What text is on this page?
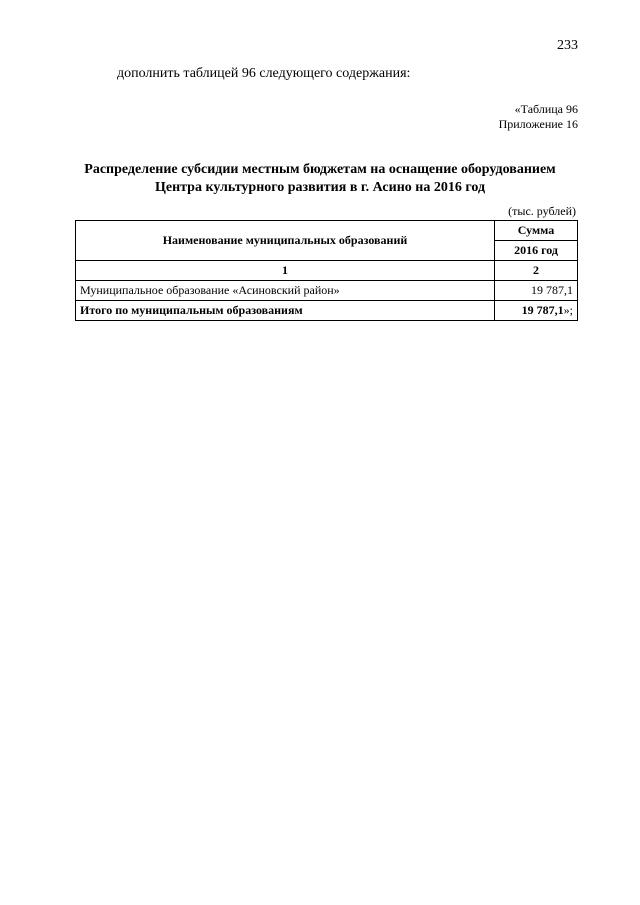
233
дополнить таблицей 96 следующего содержания:
«Таблица 96
Приложение 16
Распределение субсидии местным бюджетам на оснащение оборудованием
Центра культурного развития в г. Асино на 2016 год
(тыс. рублей)
Наименование муниципальных образований	Сумма
	2016 год
1	2
Муниципальное образование «Асиновский район»	19 787,1
Итого по муниципальным образованиям	19 787,1»;
